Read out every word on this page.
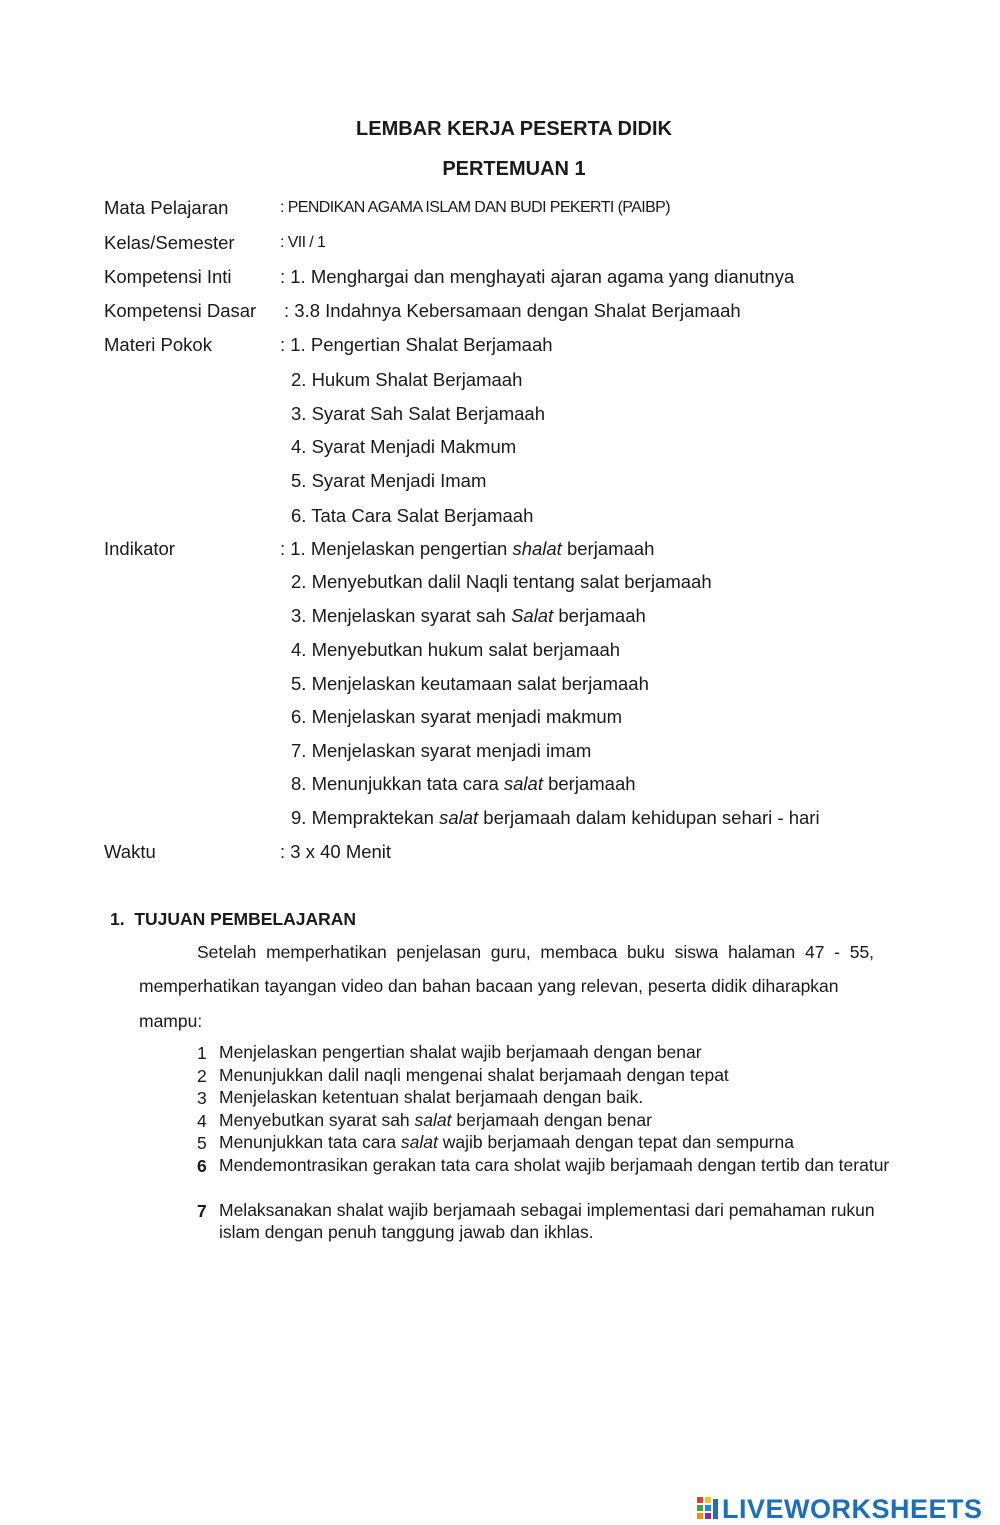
LEMBAR KERJA PESERTA DIDIK
PERTEMUAN 1
Mata Pelajaran	: PENDIKAN AGAMA ISLAM DAN BUDI PEKERTI (PAIBP)
Kelas/Semester	: VII / 1
Kompetensi Inti	: 1. Menghargai dan menghayati ajaran agama yang dianutnya
Kompetensi Dasar : 3.8 Indahnya Kebersamaan dengan Shalat Berjamaah
Materi Pokok	: 1. Pengertian Shalat Berjamaah
2. Hukum Shalat Berjamaah
3. Syarat Sah Salat Berjamaah
4. Syarat Menjadi Makmum
5. Syarat Menjadi Imam
6. Tata Cara Salat Berjamaah
Indikator	: 1. Menjelaskan pengertian shalat berjamaah
2. Menyebutkan dalil Naqli tentang salat berjamaah
3. Menjelaskan syarat sah Salat berjamaah
4. Menyebutkan hukum salat berjamaah
5. Menjelaskan keutamaan salat berjamaah
6. Menjelaskan syarat menjadi makmum
7. Menjelaskan syarat menjadi imam
8. Menunjukkan tata cara salat berjamaah
9. Mempraktekan salat berjamaah dalam kehidupan sehari - hari
Waktu	: 3 x 40 Menit
1. TUJUAN PEMBELAJARAN
Setelah  memperhatikan  penjelasan  guru,  membaca  buku  siswa  halaman  47  -  55,
memperhatikan tayangan video dan bahan bacaan yang relevan, peserta didik diharapkan
mampu:
1 Menjelaskan pengertian shalat wajib berjamaah dengan benar
2 Menunjukkan dalil naqli mengenai shalat berjamaah dengan tepat
3 Menjelaskan ketentuan shalat berjamaah dengan baik.
4 Menyebutkan syarat sah salat berjamaah dengan benar
5 Menunjukkan tata cara salat wajib berjamaah dengan tepat dan sempurna
6 Mendemontrasikan gerakan tata cara sholat wajib berjamaah dengan tertib dan teratur
7 Melaksanakan shalat wajib berjamaah sebagai implementasi dari pemahaman rukun islam dengan penuh tanggung jawab dan ikhlas.
LIVEWORKSHEETS
